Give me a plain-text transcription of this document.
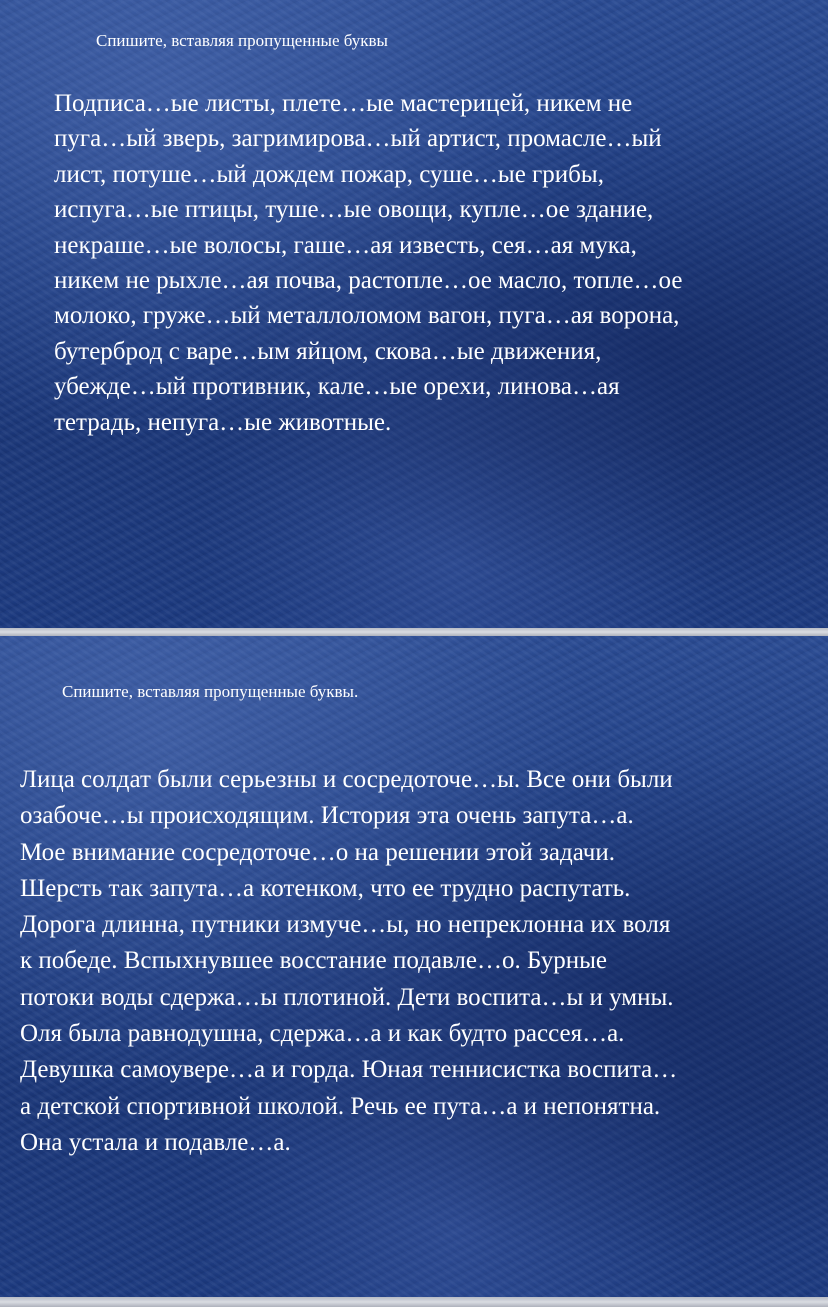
Спишите, вставляя пропущенные буквы
Подписа…ые листы, плете…ые мастерицей, никем не
пуга…ый зверь, загримирова…ый артист, промасле…ый
лист, потуше…ый дождем пожар, суше…ые грибы,
испуга…ые птицы, туше…ые овощи, купле…ое здание,
некраше…ые волосы, гаше…ая известь, сея…ая мука,
никем не рыхле…ая почва, растопле…ое масло, топле…ое
молоко, груже…ый металлоломом вагон, пуга…ая ворона,
бутерброд с варе…ым яйцом, скова…ые движения,
убежде…ый противник, кале…ые орехи, линова…ая
тетрадь, непуга…ые животные.
Спишите, вставляя пропущенные буквы.
Лица солдат были серьезны и сосредоточе…ы. Все они были
озабоче…ы происходящим. История эта очень запута…а.
Мое внимание сосредоточе…о на решении этой задачи.
Шерсть так запута…а котенком, что ее трудно распутать.
Дорога длинна, путники измуче…ы, но непреклонна их воля
к победе. Вспыхнувшее восстание подавле…о. Бурные
потоки воды сдержа…ы плотиной. Дети воспита…ы и умны.
Оля была равнодушна, сдержа…а и как будто рассея…а.
Девушка самоувере…а и горда. Юная теннисистка воспита…
а детской спортивной школой. Речь ее пута…а и непонятна.
Она устала и подавле…а.
